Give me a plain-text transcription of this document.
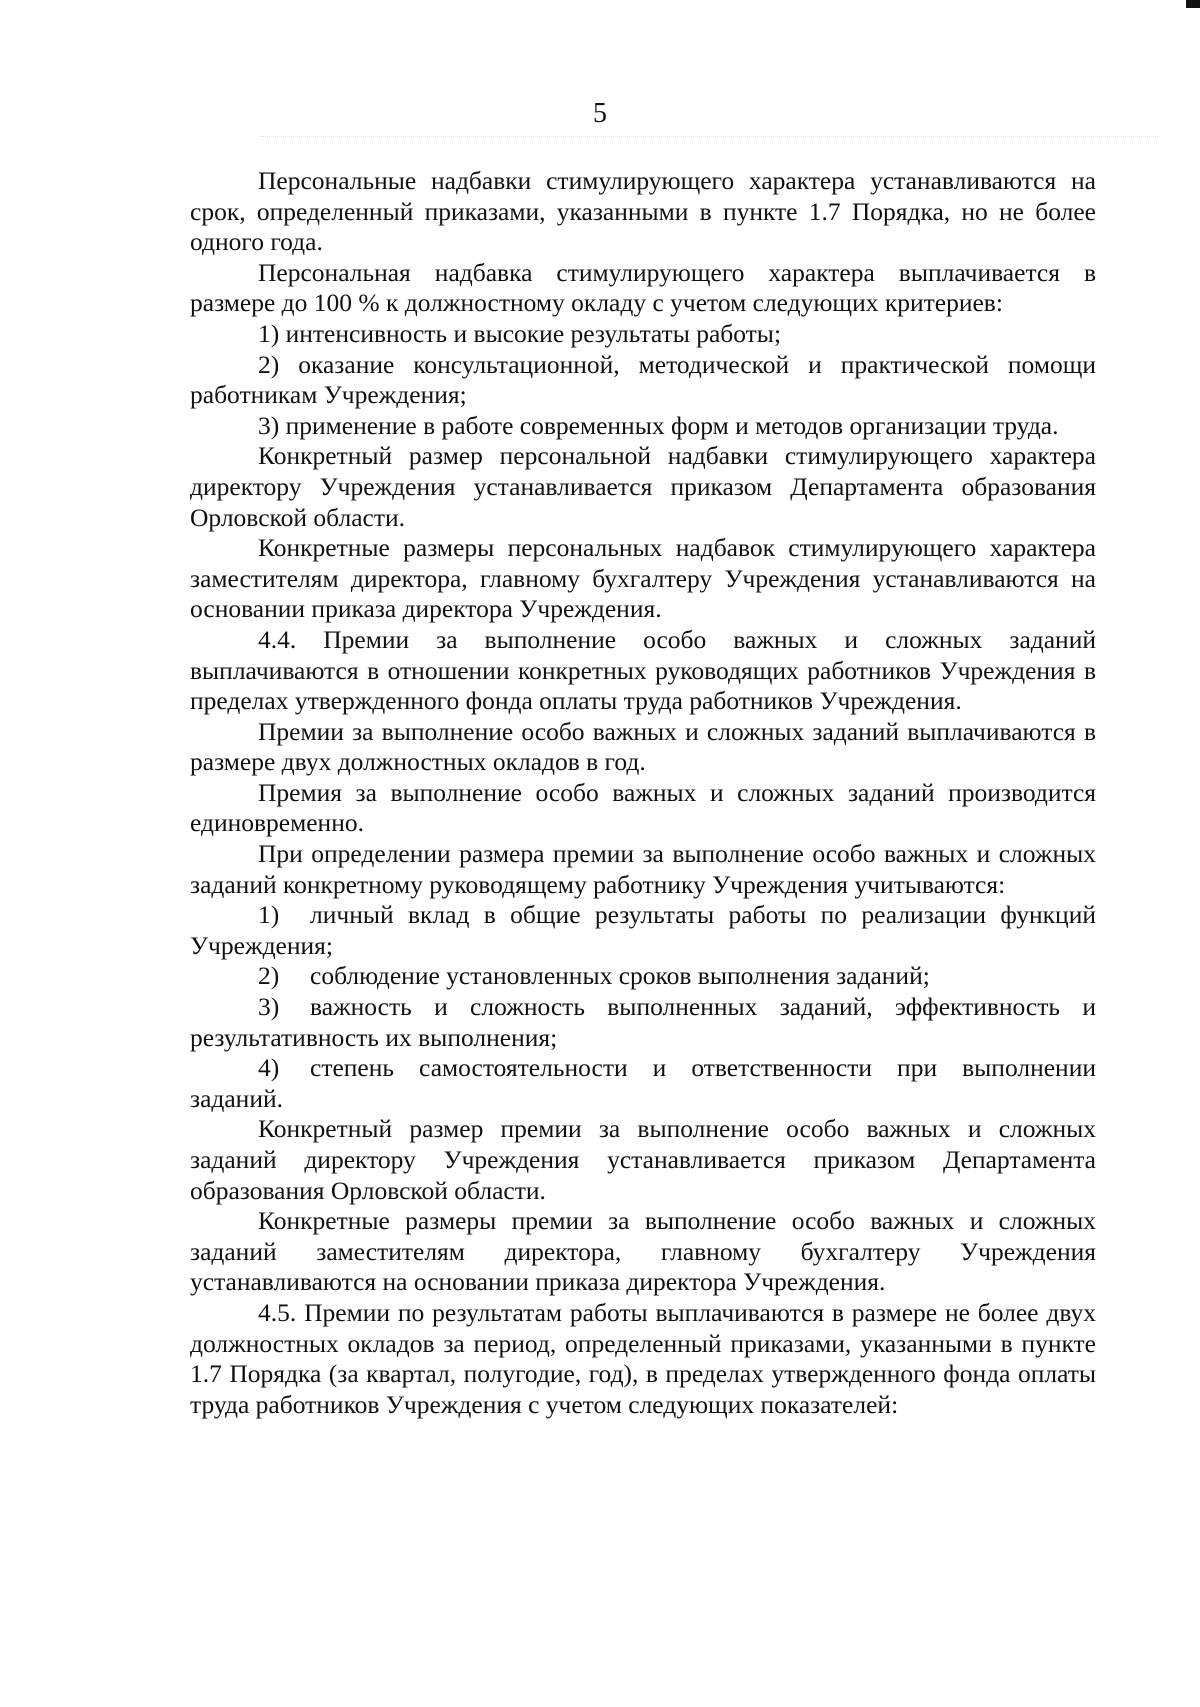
5

Персональные надбавки стимулирующего характера устанавливаются на срок, определенный приказами, указанными в пункте 1.7 Порядка, но не более одного года.

Персональная надбавка стимулирующего характера выплачивается в размере до 100 % к должностному окладу с учетом следующих критериев:

1) интенсивность и высокие результаты работы;

2) оказание консультационной, методической и практической помощи работникам Учреждения;

3) применение в работе современных форм и методов организации труда.

Конкретный размер персональной надбавки стимулирующего характера директору Учреждения устанавливается приказом Департамента образования Орловской области.

Конкретные размеры персональных надбавок стимулирующего характера заместителям директора, главному бухгалтеру Учреждения устанавливаются на основании приказа директора Учреждения.

4.4. Премии за выполнение особо важных и сложных заданий выплачиваются в отношении конкретных руководящих работников Учреждения в пределах утвержденного фонда оплаты труда работников Учреждения.

Премии за выполнение особо важных и сложных заданий выплачиваются в размере двух должностных окладов в год.

Премия за выполнение особо важных и сложных заданий производится единовременно.

При определении размера премии за выполнение особо важных и сложных заданий конкретному руководящему работнику Учреждения учитываются:

1) личный вклад в общие результаты работы по реализации функций Учреждения;

2) соблюдение установленных сроков выполнения заданий;

3) важность и сложность выполненных заданий, эффективность и результативность их выполнения;

4) степень самостоятельности и ответственности при выполнении заданий.

Конкретный размер премии за выполнение особо важных и сложных заданий директору Учреждения устанавливается приказом Департамента образования Орловской области.

Конкретные размеры премии за выполнение особо важных и сложных заданий заместителям директора, главному бухгалтеру Учреждения устанавливаются на основании приказа директора Учреждения.

4.5. Премии по результатам работы выплачиваются в размере не более двух должностных окладов за период, определенный приказами, указанными в пункте 1.7 Порядка (за квартал, полугодие, год), в пределах утвержденного фонда оплаты труда работников Учреждения с учетом следующих показателей:
